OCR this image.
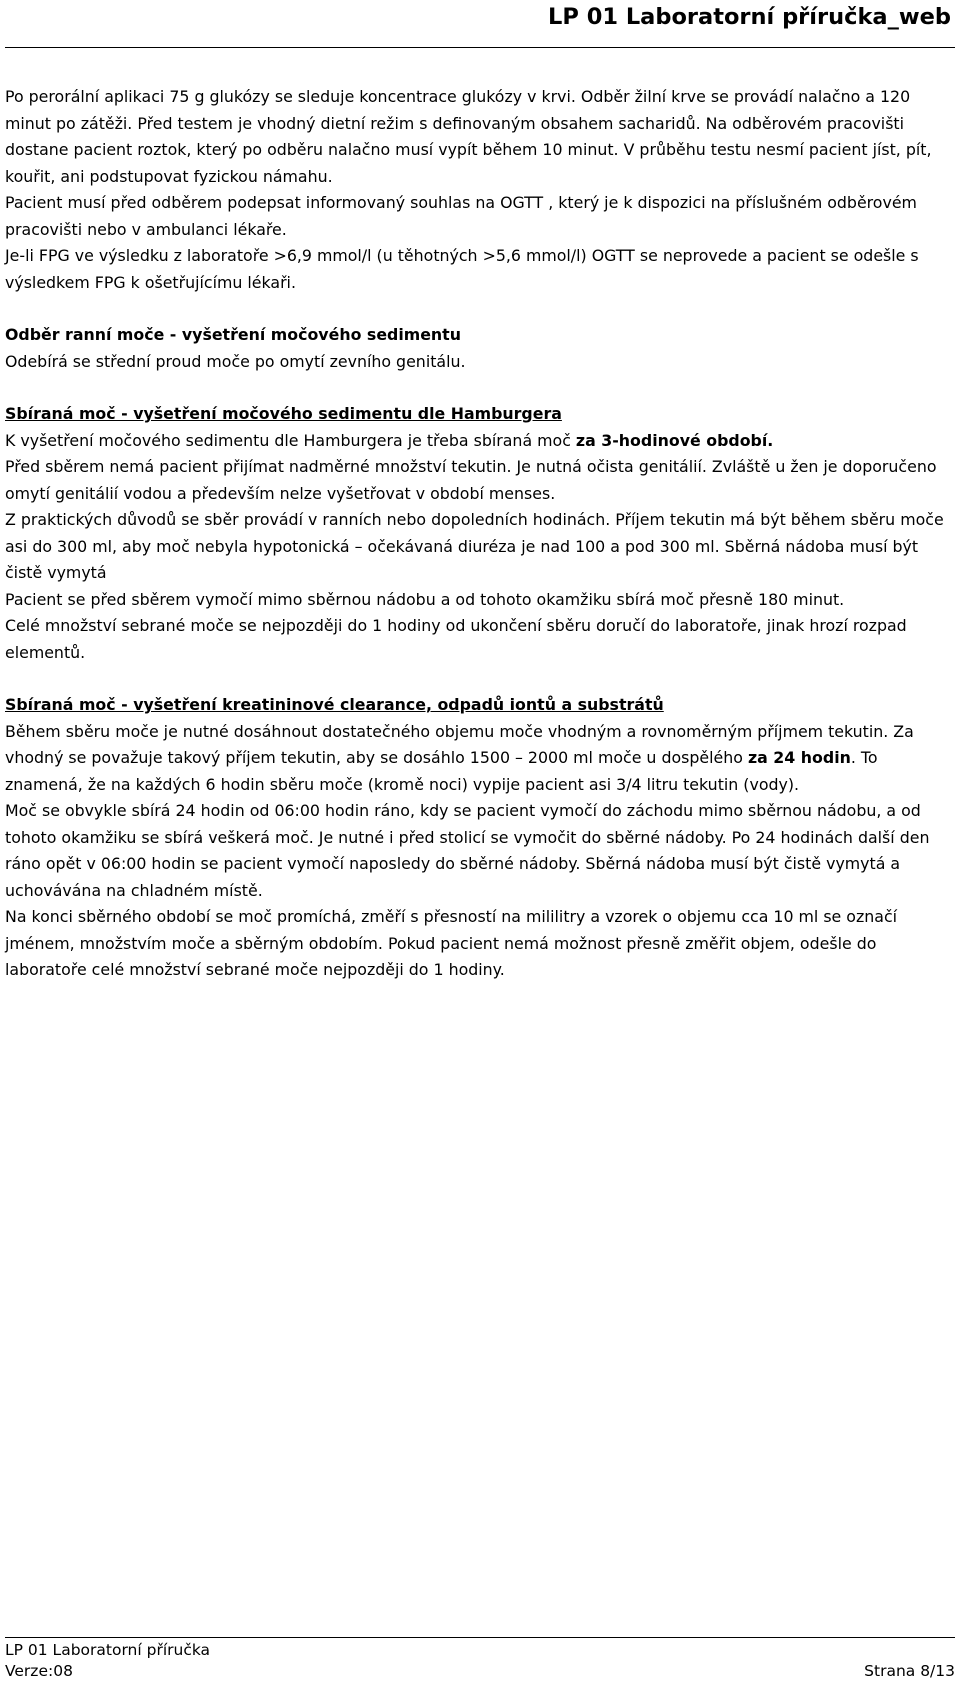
LP 01 Laboratorní příručka_web

Po perorální aplikaci 75 g glukózy se sleduje koncentrace glukózy v krvi. Odběr žilní krve se provádí nalačno a 120 minut po zátěži. Před testem je vhodný dietní režim s definovaným obsahem sacharidů. Na odběrovém pracovišti dostane pacient roztok, který po odběru nalačno musí vypít během 10 minut. V průběhu testu nesmí pacient jíst, pít, kouřit, ani podstupovat fyzickou námahu.

Pacient musí před odběrem podepsat informovaný souhlas na OGTT , který je k dispozici na příslušném odběrovém pracovišti nebo v ambulanci lékaře.

Je-li FPG ve výsledku z laboratoře >6,9 mmol/l (u těhotných >5,6 mmol/l) OGTT se neprovede a pacient se odešle s výsledkem FPG k ošetřujícímu lékaři.

Odběr ranní moče - vyšetření močového sedimentu

Odebírá se střední proud moče po omytí zevního genitálu.

Sbíraná moč - vyšetření močového sedimentu dle Hamburgera

K vyšetření močového sedimentu dle Hamburgera je třeba sbíraná moč za 3-hodinové období.

Před sběrem nemá pacient přijímat nadměrné množství tekutin. Je nutná očista genitálií. Zvláště u žen je doporučeno omytí genitálií vodou a především nelze vyšetřovat v období menses.

Z praktických důvodů se sběr provádí v ranních nebo dopoledních hodinách. Příjem tekutin má být během sběru moče asi do 300 ml, aby moč nebyla hypotonická – očekávaná diuréza je nad 100 a pod 300 ml. Sběrná nádoba musí být čistě vymytá

Pacient se před sběrem vymočí mimo sběrnou nádobu a od tohoto okamžiku sbírá moč přesně 180 minut.

Celé množství sebrané moče se nejpozději do 1 hodiny od ukončení sběru doručí do laboratoře, jinak hrozí rozpad elementů.

Sbíraná moč - vyšetření kreatininové clearance, odpadů iontů a substrátů

Během sběru moče je nutné dosáhnout dostatečného objemu moče vhodným a rovnoměrným příjmem tekutin. Za vhodný se považuje takový příjem tekutin, aby se dosáhlo 1500 – 2000 ml moče u dospělého za 24 hodin. To znamená, že na každých 6 hodin sběru moče (kromě noci) vypije pacient asi 3/4 litru tekutin (vody).

Moč se obvykle sbírá 24 hodin od 06:00 hodin ráno, kdy se pacient vymočí do záchodu mimo sběrnou nádobu, a od tohoto okamžiku se sbírá veškerá moč. Je nutné i před stolicí se vymočit do sběrné nádoby. Po 24 hodinách další den ráno opět v 06:00 hodin se pacient vymočí naposledy do sběrné nádoby. Sběrná nádoba musí být čistě vymytá a uchovávána na chladném místě.

Na konci sběrného období se moč promíchá, změří s přesností na mililitry a vzorek o objemu cca 10 ml se označí jménem, množstvím moče a sběrným obdobím. Pokud pacient nemá možnost přesně změřit objem, odešle do laboratoře celé množství sebrané moče nejpozději do 1 hodiny.

LP 01 Laboratorní příručka
Verze:08	Strana 8/13
